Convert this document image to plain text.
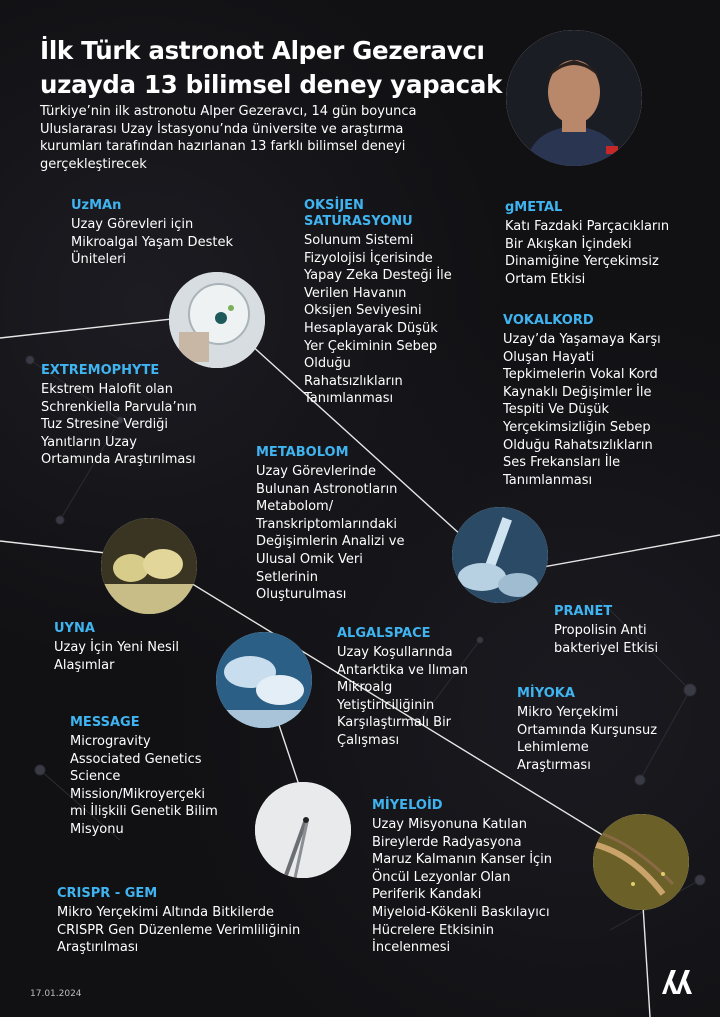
İlk Türk astronot Alper Gezeravcı uzayda 13 bilimsel deney yapacak

Türkiye’nin ilk astronotu Alper Gezeravcı, 14 gün boyunca Uluslararası Uzay İstasyonu’nda üniversite ve araştırma kurumları tarafından hazırlanan 13 farklı bilimsel deneyi gerçekleştirecek

UzMAn
Uzay Görevleri için
Mikroalgal Yaşam Destek
Üniteleri
OKSİJEN
SATURASYONU
Solunum Sistemi
Fizyolojisi İçerisinde
Yapay Zeka Desteği İle
Verilen Havanın
Oksijen Seviyesini
Hesaplayarak Düşük
Yer Çekiminin Sebep
Olduğu
Rahatsızlıkların
Tanımlanması
gMETAL
Katı Fazdaki Parçacıkların
Bir Akışkan İçindeki
Dinamiğine Yerçekimsiz
Ortam Etkisi
VOKALKORD
Uzay’da Yaşamaya Karşı
Oluşan Hayati
Tepkimelerin Vokal Kord
Kaynaklı Değişimler İle
Tespiti Ve Düşük
Yerçekimsizliğin Sebep
Olduğu Rahatsızlıkların
Ses Frekansları İle
Tanımlanması
EXTREMOPHYTE
Ekstrem Halofit olan
Schrenkiella Parvula’nın
Tuz Stresine Verdiği
Yanıtların Uzay
Ortamında Araştırılması	METABOLOM
Uzay Görevlerinde
Bulunan Astronotların
Metabolom/
Transkriptomlarındaki
Değişimlerin Analizi ve
Ulusal Omik Veri
Setlerinin
Oluşturulması
PRANET
Propolisin Anti
bakteriyel Etkisi
UYNA
Uzay İçin Yeni Nesil
Alaşımlar
ALGALSPACE
Uzay Koşullarında
Antarktika ve Ilıman
Mikroalg
Yetiştiriciliğinin
Karşılaştırmalı Bir
Çalışması
MİYOKA
Mikro Yerçekimi
Ortamında Kurşunsuz
Lehimleme
Araştırması
MESSAGE
Microgravity
Associated Genetics
Science
Mission/Mikroyerçeki
mi İlişkili Genetik Bilim
Misyonu
MİYELOİD
Uzay Misyonuna Katılan
Bireylerde Radyasyona
Maruz Kalmanın Kanser İçin
Öncül Lezyonlar Olan
Periferik Kandaki
Miyeloid-Kökenli Baskılayıcı
Hücrelere Etkisinin
İncelenmesi
CRISPR - GEM
Mikro Yerçekimi Altında Bitkilerde
CRISPR Gen Düzenleme Verimliliğinin
Araştırılması
17.01.2024
